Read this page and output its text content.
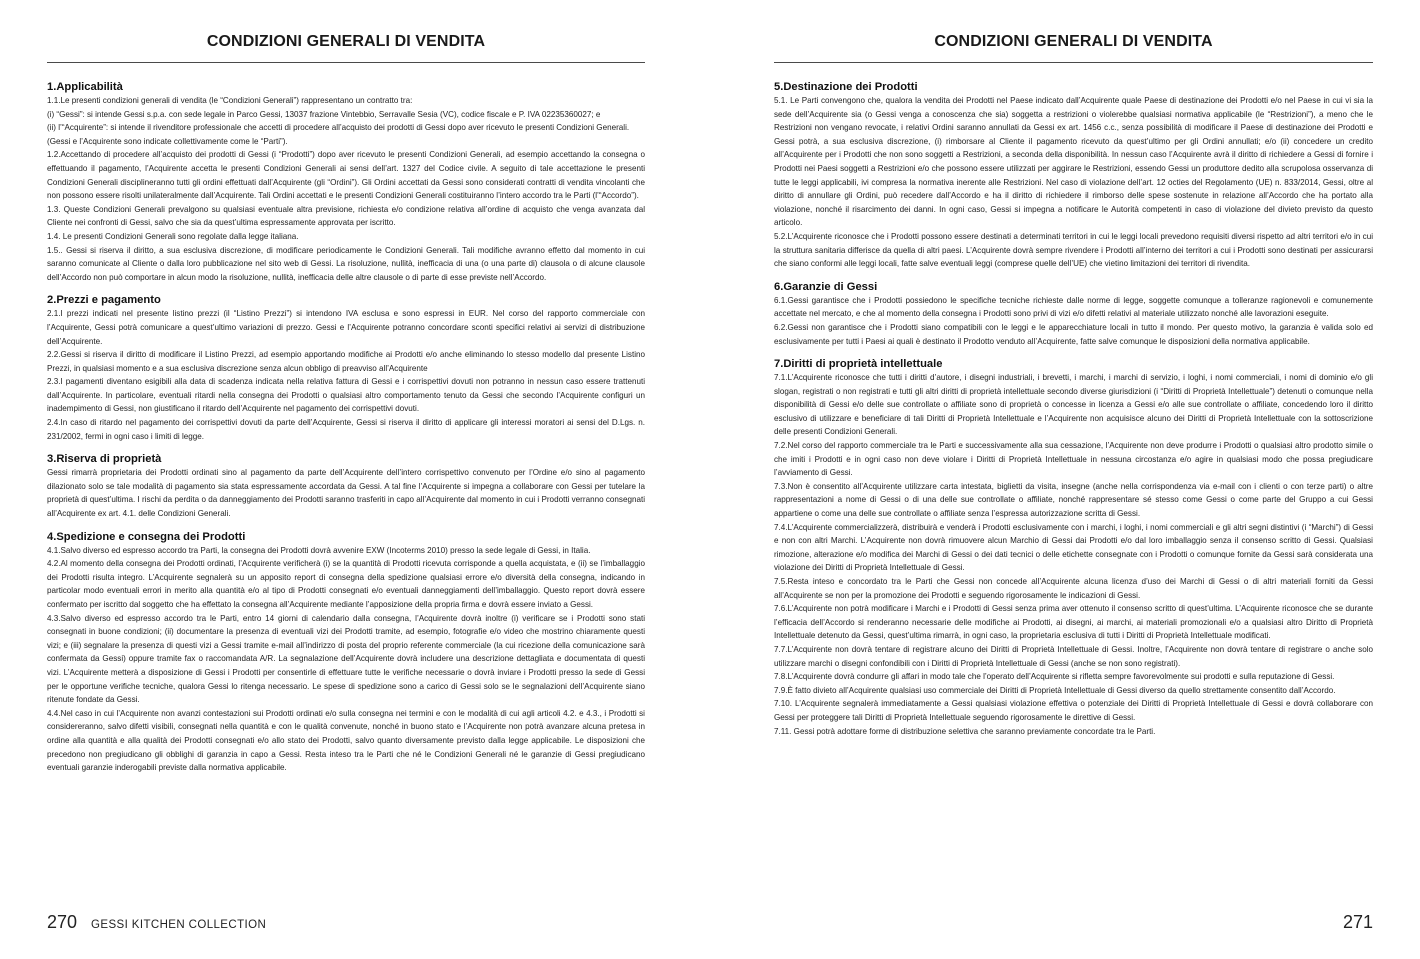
CONDIZIONI GENERALI DI VENDITA
1.Applicabilità

1.1.Le presenti condizioni generali di vendita (le “Condizioni Generali”) rappresentano un contratto tra:

(i) “Gessi”: si intende Gessi s.p.a. con sede legale in Parco Gessi, 13037 frazione Vintebbio, Serravalle Sesia (VC), codice fiscale e P. IVA 02235360027; e

(ii) l’“Acquirente”: si intende il rivenditore professionale che accetti di procedere all’acquisto dei prodotti di Gessi dopo aver ricevuto le presenti Condizioni Generali.

(Gessi e l’Acquirente sono indicate collettivamente come le “Parti”).

1.2.Accettando di procedere all’acquisto dei prodotti di Gessi (i “Prodotti”) dopo aver ricevuto le presenti Condizioni Generali, ad esempio accettando la consegna o effettuando il pagamento, l’Acquirente accetta le presenti Condizioni Generali ai sensi dell’art. 1327 del Codice civile. A seguito di tale accettazione le presenti Condizioni Generali disciplineranno tutti gli ordini effettuati dall’Acquirente (gli “Ordini”). Gli Ordini accettati da Gessi sono considerati contratti di vendita vincolanti che non possono essere risolti unilateralmente dall’Acquirente. Tali Ordini accettati e le presenti Condizioni Generali costituiranno l’intero accordo tra le Parti (l’“Accordo”).

1.3. Queste Condizioni Generali prevalgono su qualsiasi eventuale altra previsione, richiesta e/o condizione relativa all’ordine di acquisto che venga avanzata dal Cliente nei confronti di Gessi, salvo che sia da quest’ultima espressamente approvata per iscritto.

1.4. Le presenti Condizioni Generali sono regolate dalla legge italiana.

1.5.. Gessi si riserva il diritto, a sua esclusiva discrezione, di modificare periodicamente le Condizioni Generali. Tali modifiche avranno effetto dal momento in cui saranno comunicate al Cliente o dalla loro pubblicazione nel sito web di Gessi. La risoluzione, nullità, inefficacia di una (o una parte di) clausola o di alcune clausole dell’Accordo non può comportare in alcun modo la risoluzione, nullità, inefficacia delle altre clausole o di parte di esse previste nell’Accordo.

2.Prezzi e pagamento

2.1.I prezzi indicati nel presente listino prezzi (il “Listino Prezzi”) si intendono IVA esclusa e sono espressi in EUR. Nel corso del rapporto commerciale con l’Acquirente, Gessi potrà comunicare a quest’ultimo variazioni di prezzo. Gessi e l’Acquirente potranno concordare sconti specifici relativi ai servizi di distribuzione dell’Acquirente.

2.2.Gessi si riserva il diritto di modificare il Listino Prezzi, ad esempio apportando modifiche ai Prodotti e/o anche eliminando lo stesso modello dal presente Listino Prezzi, in qualsiasi momento e a sua esclusiva discrezione senza alcun obbligo di preavviso all’Acquirente

2.3.I pagamenti diventano esigibili alla data di scadenza indicata nella relativa fattura di Gessi e i corrispettivi dovuti non potranno in nessun caso essere trattenuti dall’Acquirente. In particolare, eventuali ritardi nella consegna dei Prodotti o qualsiasi altro comportamento tenuto da Gessi che secondo l’Acquirente configuri un inadempimento di Gessi, non giustificano il ritardo dell’Acquirente nel pagamento dei corrispettivi dovuti.

2.4.In caso di ritardo nel pagamento dei corrispettivi dovuti da parte dell’Acquirente, Gessi si riserva il diritto di applicare gli interessi moratori ai sensi del D.Lgs. n. 231/2002, fermi in ogni caso i limiti di legge.

3.Riserva di proprietà

Gessi rimarrà proprietaria dei Prodotti ordinati sino al pagamento da parte dell’Acquirente dell’intero corrispettivo convenuto per l’Ordine e/o sino al pagamento dilazionato solo se tale modalità di pagamento sia stata espressamente accordata da Gessi. A tal fine l’Acquirente si impegna a collaborare con Gessi per tutelare la proprietà di quest’ultima. I rischi da perdita o da danneggiamento dei Prodotti saranno trasferiti in capo all’Acquirente dal momento in cui i Prodotti verranno consegnati all’Acquirente ex art. 4.1. delle Condizioni Generali.

4.Spedizione e consegna dei Prodotti

4.1.Salvo diverso ed espresso accordo tra Parti, la consegna dei Prodotti dovrà avvenire EXW (Incoterms 2010) presso la sede legale di Gessi, in Italia.

4.2.Al momento della consegna dei Prodotti ordinati, l’Acquirente verificherà (i) se la quantità di Prodotti ricevuta corrisponde a quella acquistata, e (ii) se l’imballaggio dei Prodotti risulta integro. L’Acquirente segnalerà su un apposito report di consegna della spedizione qualsiasi errore e/o diversità della consegna, indicando in particolar modo eventuali errori in merito alla quantità e/o al tipo di Prodotti consegnati e/o eventuali danneggiamenti dell’imballaggio. Questo report dovrà essere confermato per iscritto dal soggetto che ha effettato la consegna all’Acquirente mediante l’apposizione della propria firma e dovrà essere inviato a Gessi.

4.3.Salvo diverso ed espresso accordo tra le Parti, entro 14 giorni di calendario dalla consegna, l’Acquirente dovrà inoltre (i) verificare se i Prodotti sono stati consegnati in buone condizioni; (ii) documentare la presenza di eventuali vizi dei Prodotti tramite, ad esempio, fotografie e/o video che mostrino chiaramente questi vizi; e (iii) segnalare la presenza di questi vizi a Gessi tramite e-mail all’indirizzo di posta del proprio referente commerciale (la cui ricezione della comunicazione sarà confermata da Gessi) oppure tramite fax o raccomandata A/R. La segnalazione dell’Acquirente dovrà includere una descrizione dettagliata e documentata di questi vizi. L’Acquirente metterà a disposizione di Gessi i Prodotti per consentirle di effettuare tutte le verifiche necessarie o dovrà inviare i Prodotti presso la sede di Gessi per le opportune verifiche tecniche, qualora Gessi lo ritenga necessario. Le spese di spedizione sono a carico di Gessi solo se le segnalazioni dell’Acquirente siano ritenute fondate da Gessi.

4.4.Nel caso in cui l’Acquirente non avanzi contestazioni sui Prodotti ordinati e/o sulla consegna nei termini e con le modalità di cui agli articoli 4.2. e 4.3., i Prodotti si considereranno, salvo difetti visibili, consegnati nella quantità e con le qualità convenute, nonché in buono stato e l’Acquirente non potrà avanzare alcuna pretesa in ordine alla quantità e alla qualità dei Prodotti consegnati e/o allo stato dei Prodotti, salvo quanto diversamente previsto dalla legge applicabile. Le disposizioni che precedono non pregiudicano gli obblighi di garanzia in capo a Gessi. Resta inteso tra le Parti che né le Condizioni Generali né le garanzie di Gessi pregiudicano eventuali garanzie inderogabili previste dalla normativa applicabile.

270 GESSI KITCHEN COLLECTION
CONDIZIONI GENERALI DI VENDITA
5.Destinazione dei Prodotti

5.1. Le Parti convengono che, qualora la vendita dei Prodotti nel Paese indicato dall’Acquirente quale Paese di destinazione dei Prodotti e/o nel Paese in cui vi sia la sede dell’Acquirente sia (o Gessi venga a conoscenza che sia) soggetta a restrizioni o violerebbe qualsiasi normativa applicabile (le “Restrizioni”), a meno che le Restrizioni non vengano revocate, i relativi Ordini saranno annullati da Gessi ex art. 1456 c.c., senza possibilità di modificare il Paese di destinazione dei Prodotti e Gessi potrà, a sua esclusiva discrezione, (i) rimborsare al Cliente il pagamento ricevuto da quest’ultimo per gli Ordini annullati; e/o (ii) concedere un credito all’Acquirente per i Prodotti che non sono soggetti a Restrizioni, a seconda della disponibilità. In nessun caso l’Acquirente avrà il diritto di richiedere a Gessi di fornire i Prodotti nei Paesi soggetti a Restrizioni e/o che possono essere utilizzati per aggirare le Restrizioni, essendo Gessi un produttore dedito alla scrupolosa osservanza di tutte le leggi applicabili, ivi compresa la normativa inerente alle Restrizioni. Nel caso di violazione dell’art. 12 octies del Regolamento (UE) n. 833/2014, Gessi, oltre al diritto di annullare gli Ordini, può recedere dall’Accordo e ha il diritto di richiedere il rimborso delle spese sostenute in relazione all’Accordo che ha portato alla violazione, nonché il risarcimento dei danni. In ogni caso, Gessi si impegna a notificare le Autorità competenti in caso di violazione del divieto previsto da questo articolo.

5.2.L’Acquirente riconosce che i Prodotti possono essere destinati a determinati territori in cui le leggi locali prevedono requisiti diversi rispetto ad altri territori e/o in cui la struttura sanitaria differisce da quella di altri paesi. L’Acquirente dovrà sempre rivendere i Prodotti all’interno dei territori a cui i Prodotti sono destinati per assicurarsi che siano conformi alle leggi locali, fatte salve eventuali leggi (comprese quelle dell’UE) che vietino limitazioni dei territori di rivendita.

6.Garanzie di Gessi

6.1.Gessi garantisce che i Prodotti possiedono le specifiche tecniche richieste dalle norme di legge, soggette comunque a tolleranze ragionevoli e comunemente accettate nel mercato, e che al momento della consegna i Prodotti sono privi di vizi e/o difetti relativi al materiale utilizzato nonché alle lavorazioni eseguite.

6.2.Gessi non garantisce che i Prodotti siano compatibili con le leggi e le apparecchiature locali in tutto il mondo. Per questo motivo, la garanzia è valida solo ed esclusivamente per tutti i Paesi ai quali è destinato il Prodotto venduto all’Acquirente, fatte salve comunque le disposizioni della normativa applicabile.

7.Diritti di proprietà intellettuale

7.1.L’Acquirente riconosce che tutti i diritti d’autore, i disegni industriali, i brevetti, i marchi, i marchi di servizio, i loghi, i nomi commerciali, i nomi di dominio e/o gli slogan, registrati o non registrati e tutti gli altri diritti di proprietà intellettuale secondo diverse giurisdizioni (i “Diritti di Proprietà Intellettuale”) detenuti o comunque nella disponibilità di Gessi e/o delle sue controllate o affiliate sono di proprietà o concesse in licenza a Gessi e/o alle sue controllate o affiliate, concedendo loro il diritto esclusivo di utilizzare e beneficiare di tali Diritti di Proprietà Intellettuale e l’Acquirente non acquisisce alcuno dei Diritti di Proprietà Intellettuale con la sottoscrizione delle presenti Condizioni Generali.

7.2.Nel corso del rapporto commerciale tra le Parti e successivamente alla sua cessazione, l’Acquirente non deve produrre i Prodotti o qualsiasi altro prodotto simile o che imiti i Prodotti e in ogni caso non deve violare i Diritti di Proprietà Intellettuale in nessuna circostanza e/o agire in qualsiasi modo che possa pregiudicare l’avviamento di Gessi.

7.3.Non è consentito all’Acquirente utilizzare carta intestata, biglietti da visita, insegne (anche nella corrispondenza via e-mail con i clienti o con terze parti) o altre rappresentazioni a nome di Gessi o di una delle sue controllate o affiliate, nonché rappresentare sé stesso come Gessi o come parte del Gruppo a cui Gessi appartiene o come una delle sue controllate o affiliate senza l’espressa autorizzazione scritta di Gessi.

7.4.L’Acquirente commercializzerà, distribuirà e venderà i Prodotti esclusivamente con i marchi, i loghi, i nomi commerciali e gli altri segni distintivi (i “Marchi”) di Gessi e non con altri Marchi. L’Acquirente non dovrà rimuovere alcun Marchio di Gessi dai Prodotti e/o dal loro imballaggio senza il consenso scritto di Gessi. Qualsiasi rimozione, alterazione e/o modifica dei Marchi di Gessi o dei dati tecnici o delle etichette consegnate con i Prodotti o comunque fornite da Gessi sarà considerata una violazione dei Diritti di Proprietà Intellettuale di Gessi.

7.5.Resta inteso e concordato tra le Parti che Gessi non concede all’Acquirente alcuna licenza d’uso dei Marchi di Gessi o di altri materiali forniti da Gessi all’Acquirente se non per la promozione dei Prodotti e seguendo rigorosamente le indicazioni di Gessi.

7.6.L’Acquirente non potrà modificare i Marchi e i Prodotti di Gessi senza prima aver ottenuto il consenso scritto di quest’ultima. L’Acquirente riconosce che se durante l’efficacia dell’Accordo si renderanno necessarie delle modifiche ai Prodotti, ai disegni, ai marchi, ai materiali promozionali e/o a qualsiasi altro Diritto di Proprietà Intellettuale detenuto da Gessi, quest’ultima rimarrà, in ogni caso, la proprietaria esclusiva di tutti i Diritti di Proprietà Intellettuale modificati.

7.7.L’Acquirente non dovrà tentare di registrare alcuno dei Diritti di Proprietà Intellettuale di Gessi. Inoltre, l’Acquirente non dovrà tentare di registrare o anche solo utilizzare marchi o disegni confondibili con i Diritti di Proprietà Intellettuale di Gessi (anche se non sono registrati).

7.8.L’Acquirente dovrà condurre gli affari in modo tale che l’operato dell’Acquirente si rifletta sempre favorevolmente sui prodotti e sulla reputazione di Gessi.

7.9.È fatto divieto all’Acquirente qualsiasi uso commerciale dei Diritti di Proprietà Intellettuale di Gessi diverso da quello strettamente consentito dall’Accordo.

7.10. L’Acquirente segnalerà immediatamente a Gessi qualsiasi violazione effettiva o potenziale dei Diritti di Proprietà Intellettuale di Gessi e dovrà collaborare con Gessi per proteggere tali Diritti di Proprietà Intellettuale seguendo rigorosamente le direttive di Gessi.

7.11. Gessi potrà adottare forme di distribuzione selettiva che saranno previamente concordate tra le Parti.

271
